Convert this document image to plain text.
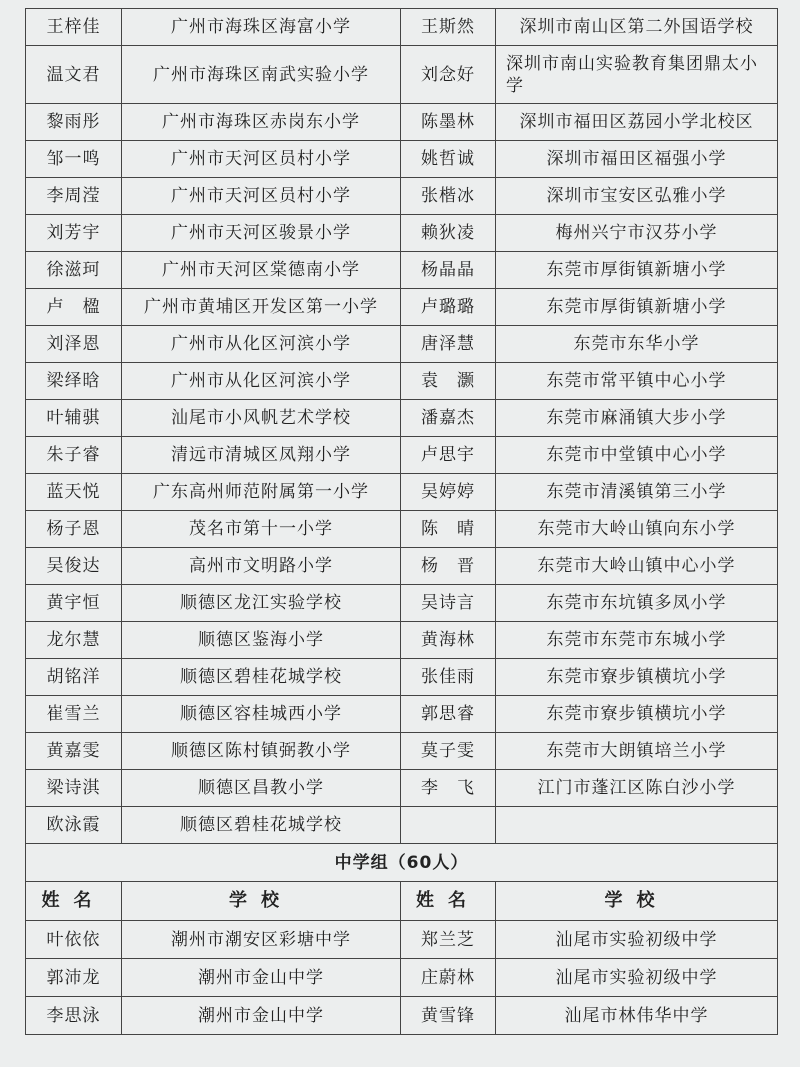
王梓佳	广州市海珠区海富小学	王斯然	深圳市南山区第二外国语学校
温文君	广州市海珠区南武实验小学	刘念好	深圳市南山实验教育集团鼎太小学
黎雨彤	广州市海珠区赤岗东小学	陈墨林	深圳市福田区荔园小学北校区
邹一鸣	广州市天河区员村小学	姚哲诚	深圳市福田区福强小学
李周滢	广州市天河区员村小学	张楷冰	深圳市宝安区弘雅小学
刘芳宇	广州市天河区骏景小学	赖狄凌	梅州兴宁市汉芬小学
徐滋珂	广州市天河区棠德南小学	杨晶晶	东莞市厚街镇新塘小学
卢　楹	广州市黄埔区开发区第一小学	卢璐璐	东莞市厚街镇新塘小学
刘泽恩	广州市从化区河滨小学	唐泽慧	东莞市东华小学
梁绎晗	广州市从化区河滨小学	袁　灏	东莞市常平镇中心小学
叶辅骐	汕尾市小风帆艺术学校	潘嘉杰	东莞市麻涌镇大步小学
朱子睿	清远市清城区凤翔小学	卢思宇	东莞市中堂镇中心小学
蓝天悦	广东高州师范附属第一小学	吴婷婷	东莞市清溪镇第三小学
杨子恩	茂名市第十一小学	陈　晴	东莞市大岭山镇向东小学
吴俊达	高州市文明路小学	杨　晋	东莞市大岭山镇中心小学
黄宇恒	顺德区龙江实验学校	吴诗言	东莞市东坑镇多凤小学
龙尔慧	顺德区鉴海小学	黄海林	东莞市东莞市东城小学
胡铭洋	顺德区碧桂花城学校	张佳雨	东莞市寮步镇横坑小学
崔雪兰	顺德区容桂城西小学	郭思睿	东莞市寮步镇横坑小学
黄嘉雯	顺德区陈村镇弼教小学	莫子雯	东莞市大朗镇培兰小学
梁诗淇	顺德区昌教小学	李　飞	江门市蓬江区陈白沙小学
欧泳霞	顺德区碧桂花城学校		
中学组（60人）			
姓名	学校	姓名	学校
叶依依	潮州市潮安区彩塘中学	郑兰芝	汕尾市实验初级中学
郭沛龙	潮州市金山中学	庄蔚林	汕尾市实验初级中学
李思泳	潮州市金山中学	黄雪锋	汕尾市林伟华中学
